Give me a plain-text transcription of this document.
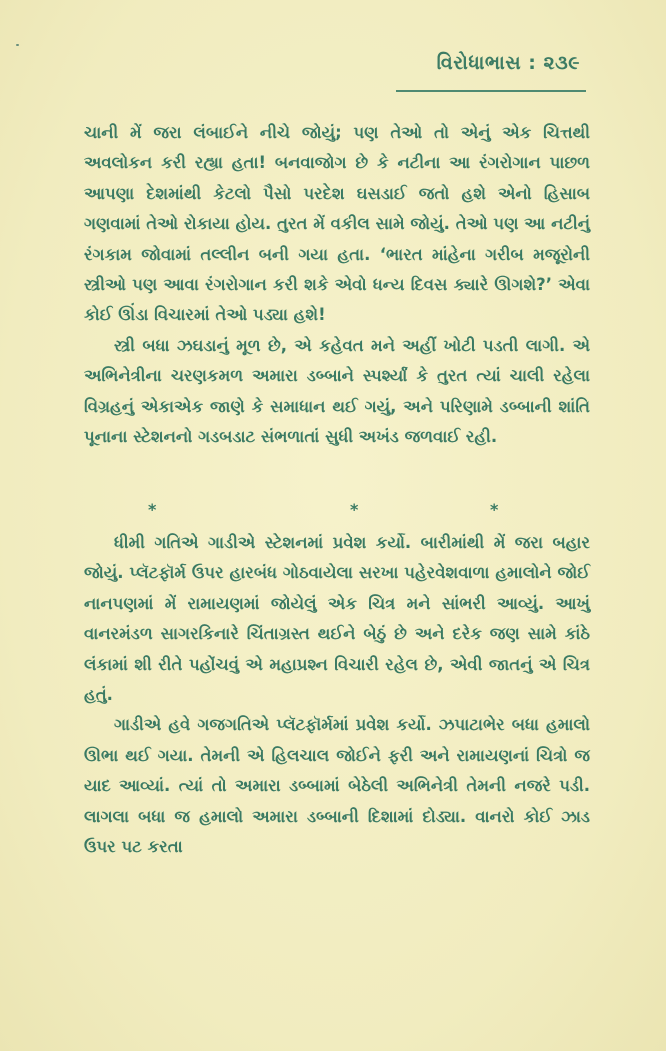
વિરોધાભાસ : ૨૩૯

ચાની મેં જરા લંબાઈને નીચે જોયું; પણ તેઓ તો એનું એક ચિત્તથી અવલોકન કરી રહ્યા હતા! બનવાજોગ છે કે નટીના આ રંગરોગાન પાછળ આપણા દેશમાંથી કેટલો પૈસો પરદેશ ઘસડાઈ જતો હશે એનો હિસાબ ગણવામાં તેઓ રોકાયા હોય. તુરત મેં વકીલ સામે જોયું. તેઓ પણ આ નટીનું રંગકામ જોવામાં તલ્લીન બની ગયા હતા. ‘ભારત માંહેના ગરીબ મજૂરોની સ્ત્રીઓ પણ આવા રંગરોગાન કરી શકે એવો ધન્ય દિવસ ક્યારે ઊગશે?’ એવા કોઈ ઊંડા વિચારમાં તેઓ પડ્યા હશે!

સ્ત્રી બધા ઝઘડાનું મૂળ છે, એ કહેવત મને અહીં ખોટી પડતી લાગી. એ અભિનેત્રીના ચરણકમળ અમારા ડબ્બાને સ્પર્શ્યાં કે તુરત ત્યાં ચાલી રહેલા વિગ્રહનું એકાએક જાણે કે સમાધાન થઈ ગયું, અને પરિણામે ડબ્બાની શાંતિ પૂનાના સ્ટેશનનો ગડબડાટ સંભળાતાં સુધી અખંડ જળવાઈ રહી.

*	*	*

ધીમી ગતિએ ગાડીએ સ્ટેશનમાં પ્રવેશ કર્યો. બારીમાંથી મેં જરા બહાર જોયું. પ્લૅટફૉર્મ ઉપર હારબંધ ગોઠવાયેલા સરખા પહેરવેશવાળા હમાલોને જોઈ નાનપણમાં મેં રામાયણમાં જોયેલું એક ચિત્ર મને સાંભરી આવ્યું. આખું વાનરમંડળ સાગરકિનારે ચિંતાગ્રસ્ત થઈને બેઠું છે અને દરેક જણ સામે કાંઠે લંકામાં શી રીતે પહોંચવું એ મહાપ્રશ્ન વિચારી રહેલ છે, એવી જાતનું એ ચિત્ર હતું.

ગાડીએ હવે ગજગતિએ પ્લૅટફૉર્મમાં પ્રવેશ કર્યો. ઝપાટાભેર બધા હમાલો ઊભા થઈ ગયા. તેમની એ હિલચાલ જોઈને ફરી અને રામાયણનાં ચિત્રો જ યાદ આવ્યાં. ત્યાં તો અમારા ડબ્બામાં બેઠેલી અભિનેત્રી તેમની નજરે પડી. લાગલા બધા જ હમાલો અમારા ડબ્બાની દિશામાં દોડ્યા. વાનરો કોઈ ઝાડ ઉપર પટ કરતા
